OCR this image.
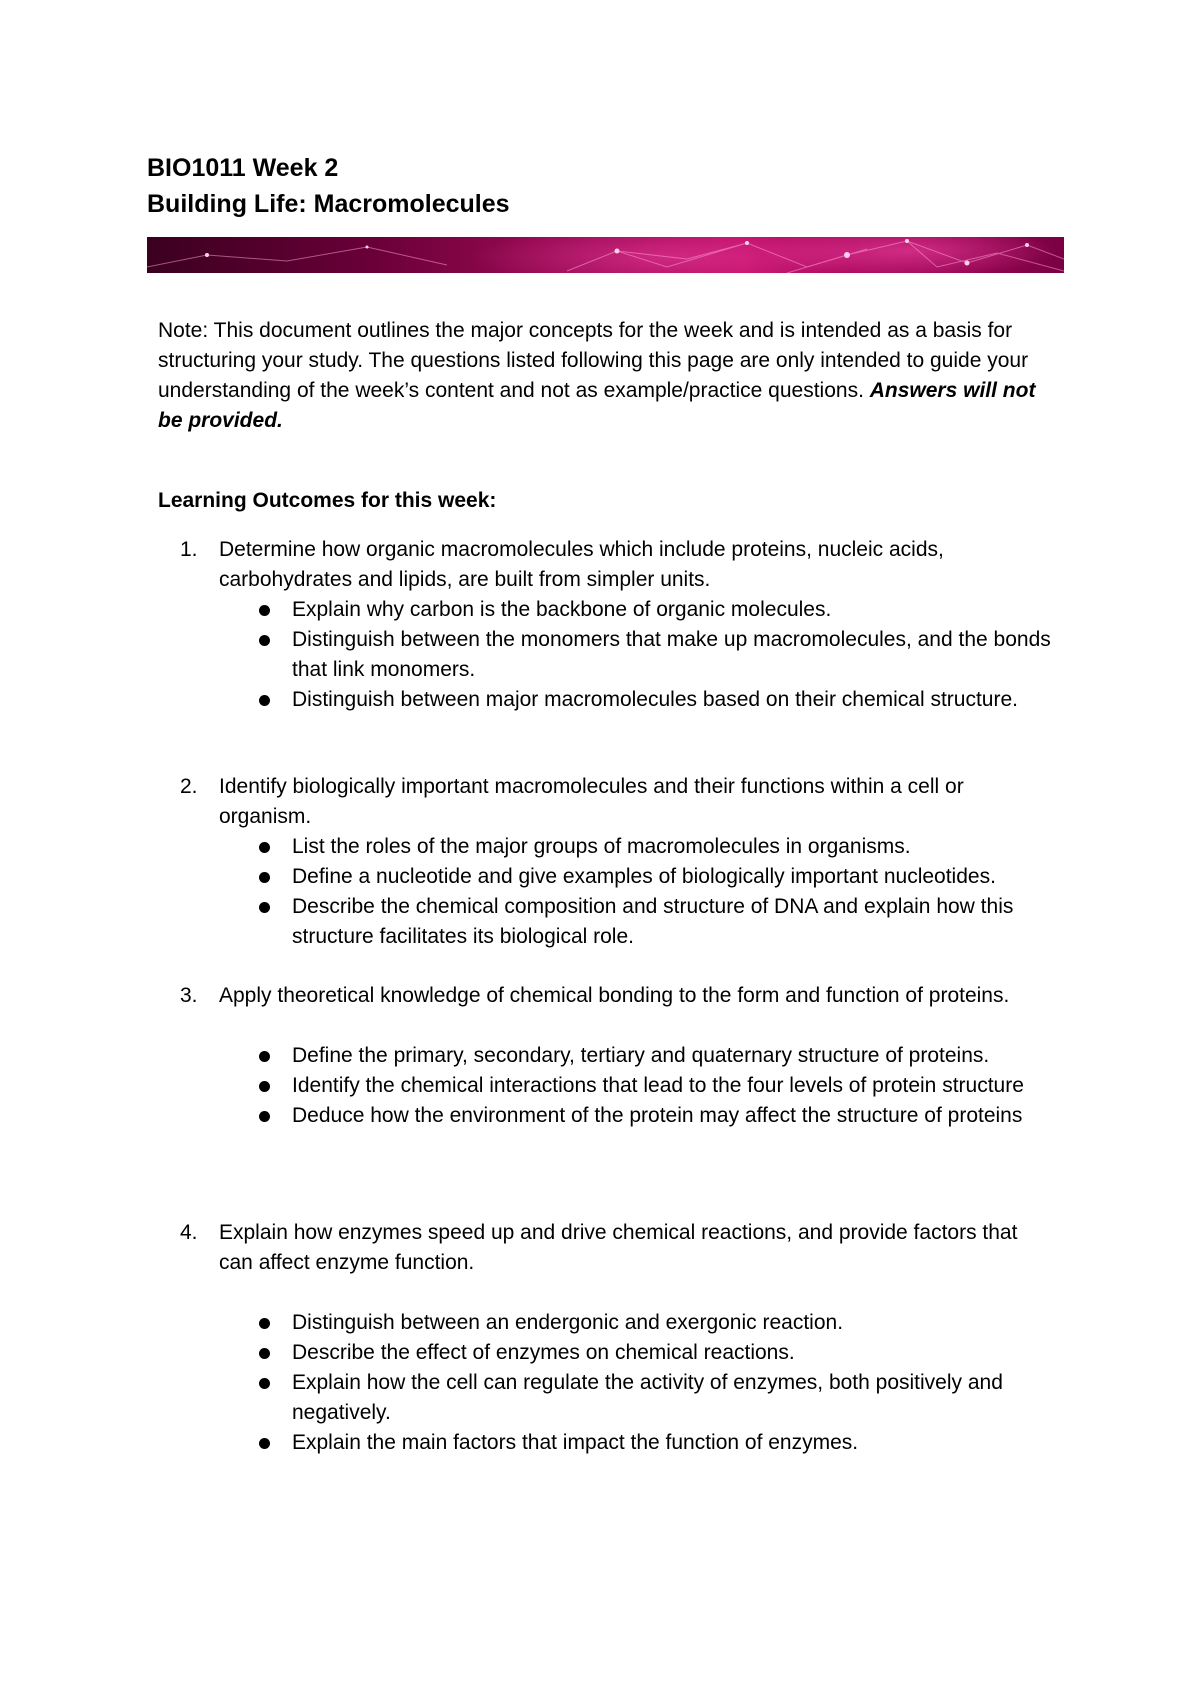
BIO1011 Week 2
Building Life: Macromolecules

Note: This document outlines the major concepts for the week and is intended as a basis for structuring your study. The questions listed following this page are only intended to guide your understanding of the week’s content and not as example/practice questions. Answers will not be provided.

Learning Outcomes for this week:
1. Determine how organic macromolecules which include proteins, nucleic acids, carbohydrates and lipids, are built from simpler units.
Explain why carbon is the backbone of organic molecules.
Distinguish between the monomers that make up macromolecules, and the bonds that link monomers.
Distinguish between major macromolecules based on their chemical structure.
2. Identify biologically important macromolecules and their functions within a cell or organism.
List the roles of the major groups of macromolecules in organisms.
Define a nucleotide and give examples of biologically important nucleotides.
Describe the chemical composition and structure of DNA and explain how this structure facilitates its biological role.
3. Apply theoretical knowledge of chemical bonding to the form and function of proteins.
Define the primary, secondary, tertiary and quaternary structure of proteins.
Identify the chemical interactions that lead to the four levels of protein structure
Deduce how the environment of the protein may affect the structure of proteins
4. Explain how enzymes speed up and drive chemical reactions, and provide factors that can affect enzyme function.
Distinguish between an endergonic and exergonic reaction.
Describe the effect of enzymes on chemical reactions.
Explain how the cell can regulate the activity of enzymes, both positively and negatively.
Explain the main factors that impact the function of enzymes.
